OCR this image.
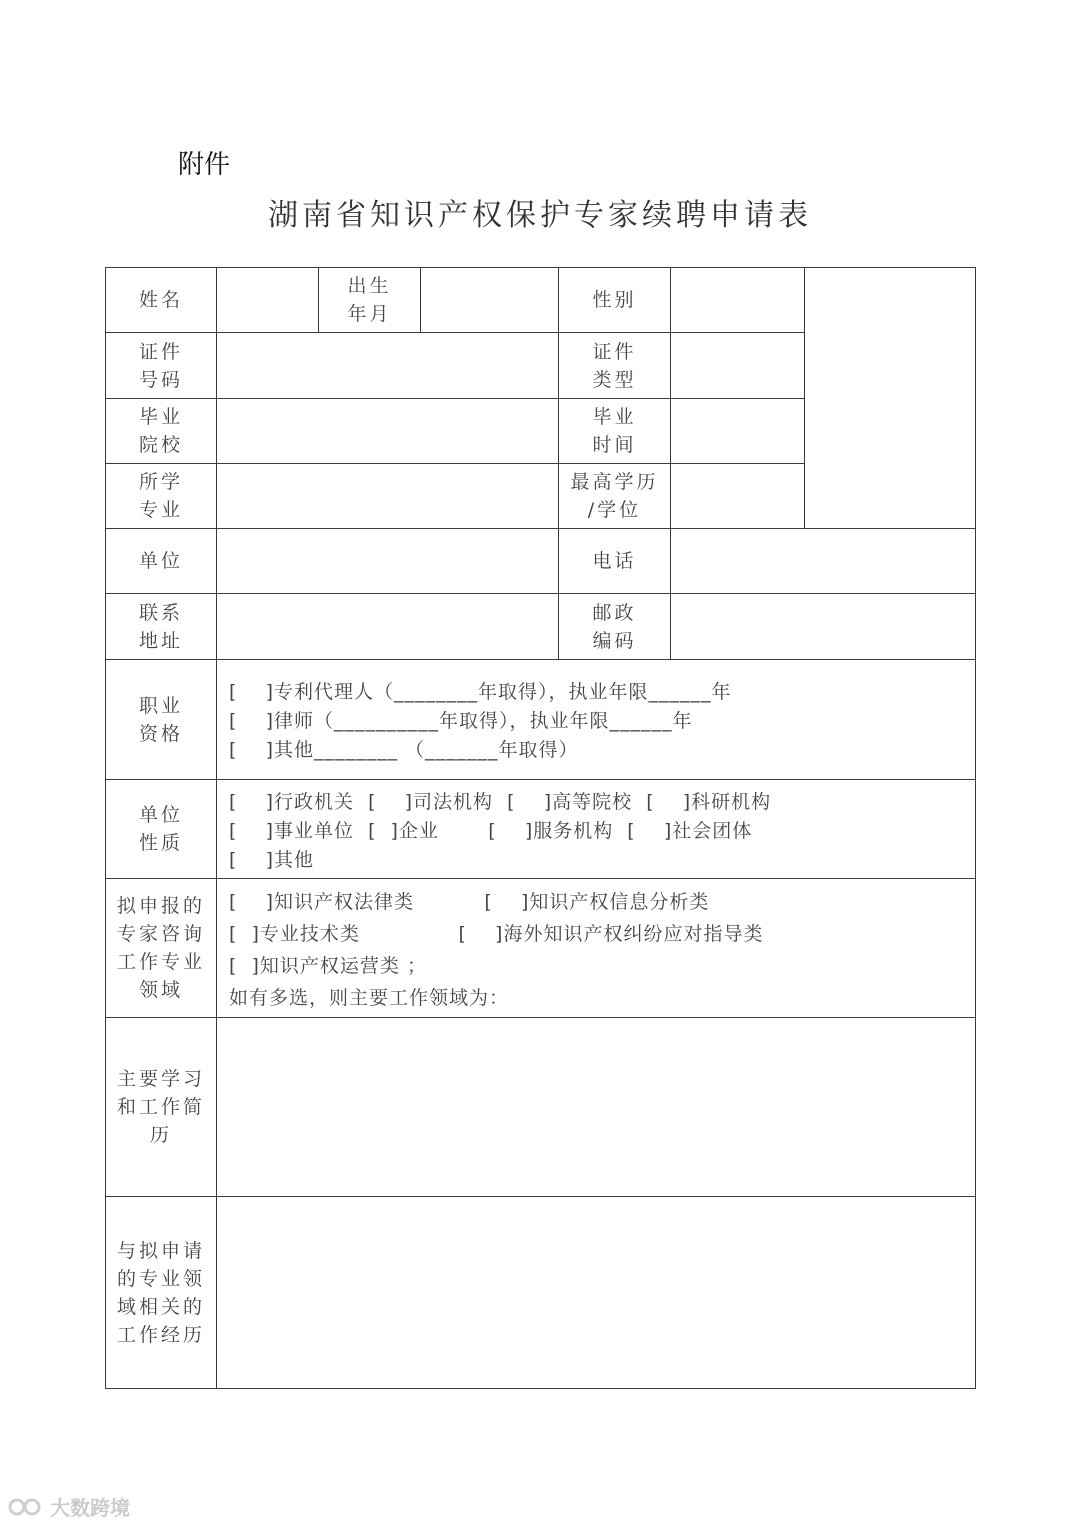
附件
湖南省知识产权保护专家续聘申请表
姓名
出生
年月
性别
证件
号码
证件
类型
毕业
院校
毕业
时间
所学
专业
最高学历
/学位
单位	电话
联系
地址
邮政
编码
职业
资格
[    ]专利代理人（________年取得），执业年限______年
[    ]律师（__________年取得），执业年限______年
[    ]其他________ （_______年取得）
单位
性质
[    ]行政机关  [    ]司法机构  [    ]高等院校  [    ]科研机构
[    ]事业单位  [  ]企业       [    ]服务机构  [    ]社会团体
[    ]其他
拟申报的
专家咨询
工作专业
领域
[    ]知识产权法律类          [    ]知识产权信息分析类
[  ]专业技术类              [    ]海外知识产权纠纷应对指导类
[  ]知识产权运营类 ；
如有多选，则主要工作领域为：
主要学习
和工作简
历
与拟申请
的专业领
域相关的
工作经历
大数跨境
